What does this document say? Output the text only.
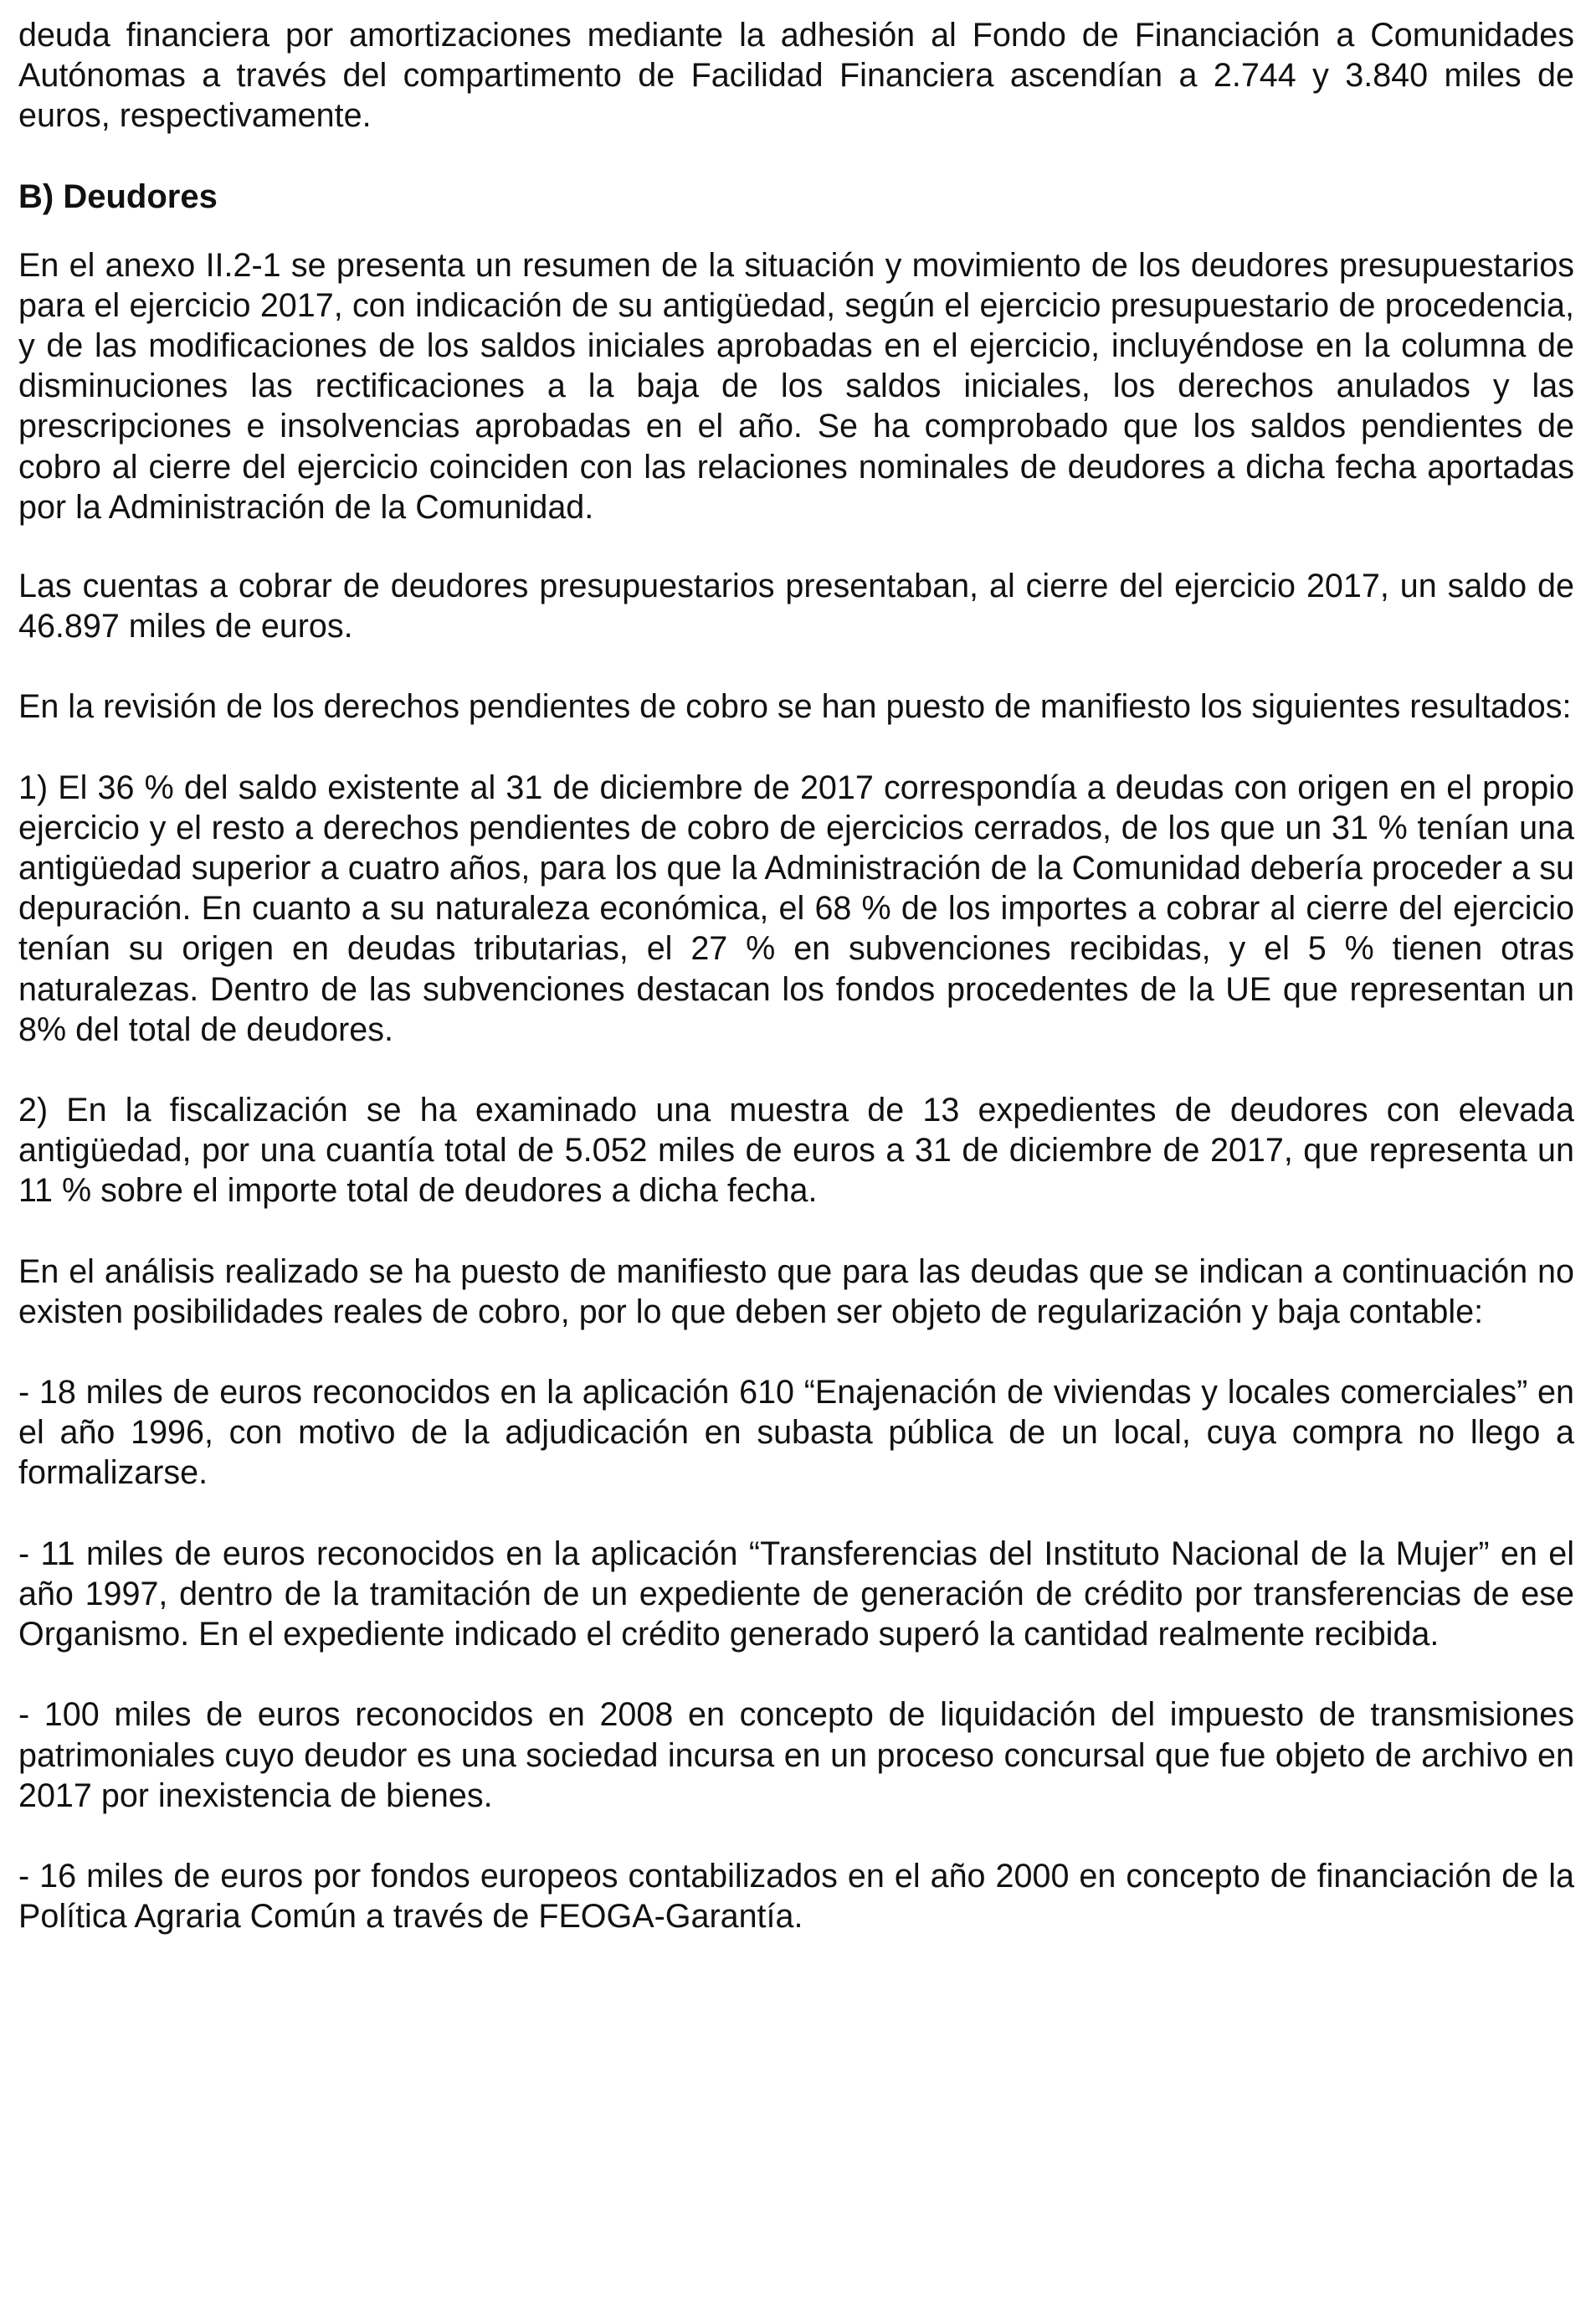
deuda financiera por amortizaciones mediante la adhesión al Fondo de Financiación a Comunidades Autónomas a través del compartimento de Facilidad Financiera ascendían a 2.744 y 3.840 miles de euros, respectivamente.

B) Deudores

En el anexo II.2-1 se presenta un resumen de la situación y movimiento de los deudores presupuestarios para el ejercicio 2017, con indicación de su antigüedad, según el ejercicio presupuestario de procedencia, y de las modificaciones de los saldos iniciales aprobadas en el ejercicio, incluyéndose en la columna de disminuciones las rectificaciones a la baja de los saldos iniciales, los derechos anulados y las prescripciones e insolvencias aprobadas en el año. Se ha comprobado que los saldos pendientes de cobro al cierre del ejercicio coinciden con las relaciones nominales de deudores a dicha fecha aportadas por la Administración de la Comunidad.

Las cuentas a cobrar de deudores presupuestarios presentaban, al cierre del ejercicio 2017, un saldo de 46.897 miles de euros.

En la revisión de los derechos pendientes de cobro se han puesto de manifiesto los siguientes resultados:

1) El 36 % del saldo existente al 31 de diciembre de 2017 correspondía a deudas con origen en el propio ejercicio y el resto a derechos pendientes de cobro de ejercicios cerrados, de los que un 31 % tenían una antigüedad superior a cuatro años, para los que la Administración de la Comunidad debería proceder a su depuración. En cuanto a su naturaleza económica, el 68 % de los importes a cobrar al cierre del ejercicio tenían su origen en deudas tributarias, el 27 % en subvenciones recibidas, y el 5 % tienen otras naturalezas. Dentro de las subvenciones destacan los fondos procedentes de la UE que representan un 8% del total de deudores.

2) En la fiscalización se ha examinado una muestra de 13 expedientes de deudores con elevada antigüedad, por una cuantía total de 5.052 miles de euros a 31 de diciembre de 2017, que representa un 11 % sobre el importe total de deudores a dicha fecha.

En el análisis realizado se ha puesto de manifiesto que para las deudas que se indican a continuación no existen posibilidades reales de cobro, por lo que deben ser objeto de regularización y baja contable:

- 18 miles de euros reconocidos en la aplicación 610 “Enajenación de viviendas y locales comerciales” en el año 1996, con motivo de la adjudicación en subasta pública de un local, cuya compra no llego a formalizarse.

- 11 miles de euros reconocidos en la aplicación “Transferencias del Instituto Nacional de la Mujer” en el año 1997, dentro de la tramitación de un expediente de generación de crédito por transferencias de ese Organismo. En el expediente indicado el crédito generado superó la cantidad realmente recibida.

- 100 miles de euros reconocidos en 2008 en concepto de liquidación del impuesto de transmisiones patrimoniales cuyo deudor es una sociedad incursa en un proceso concursal que fue objeto de archivo en 2017 por inexistencia de bienes.

- 16 miles de euros por fondos europeos contabilizados en el año 2000 en concepto de financiación de la Política Agraria Común a través de FEOGA-Garantía.
